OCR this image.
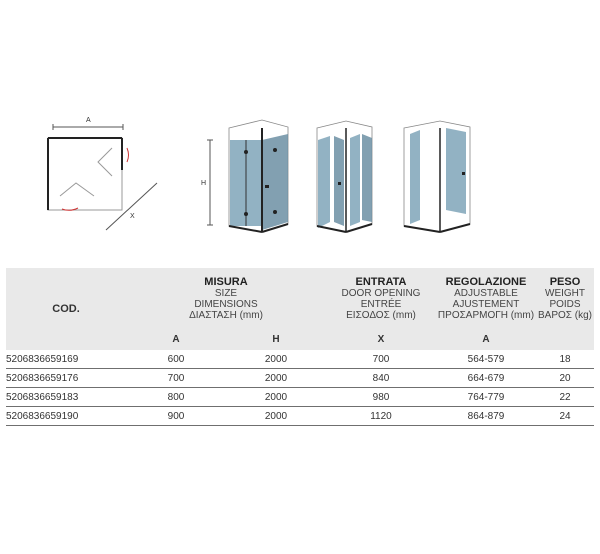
A
X
H
COD.	MISURA
SIZE
DIMENSIONS
ΔΙΑΣΤΑΣΗ (mm)		ENTRATA
DOOR OPENING
ENTRÉE
ΕΙΣΟΔΟΣ (mm)	REGOLAZIONE
ADJUSTABLE
AJUSTEMENT
ΠΡΟΣΑΡΜΟΓΗ (mm)	PESO
WEIGHT
POIDS
ΒΑΡΟΣ (kg)

	A	H	X	A	
5206836659169	600	2000	700	564-579	18
5206836659176	700	2000	840	664-679	20
5206836659183	800	2000	980	764-779	22
5206836659190	900	2000	1120	864-879	24
